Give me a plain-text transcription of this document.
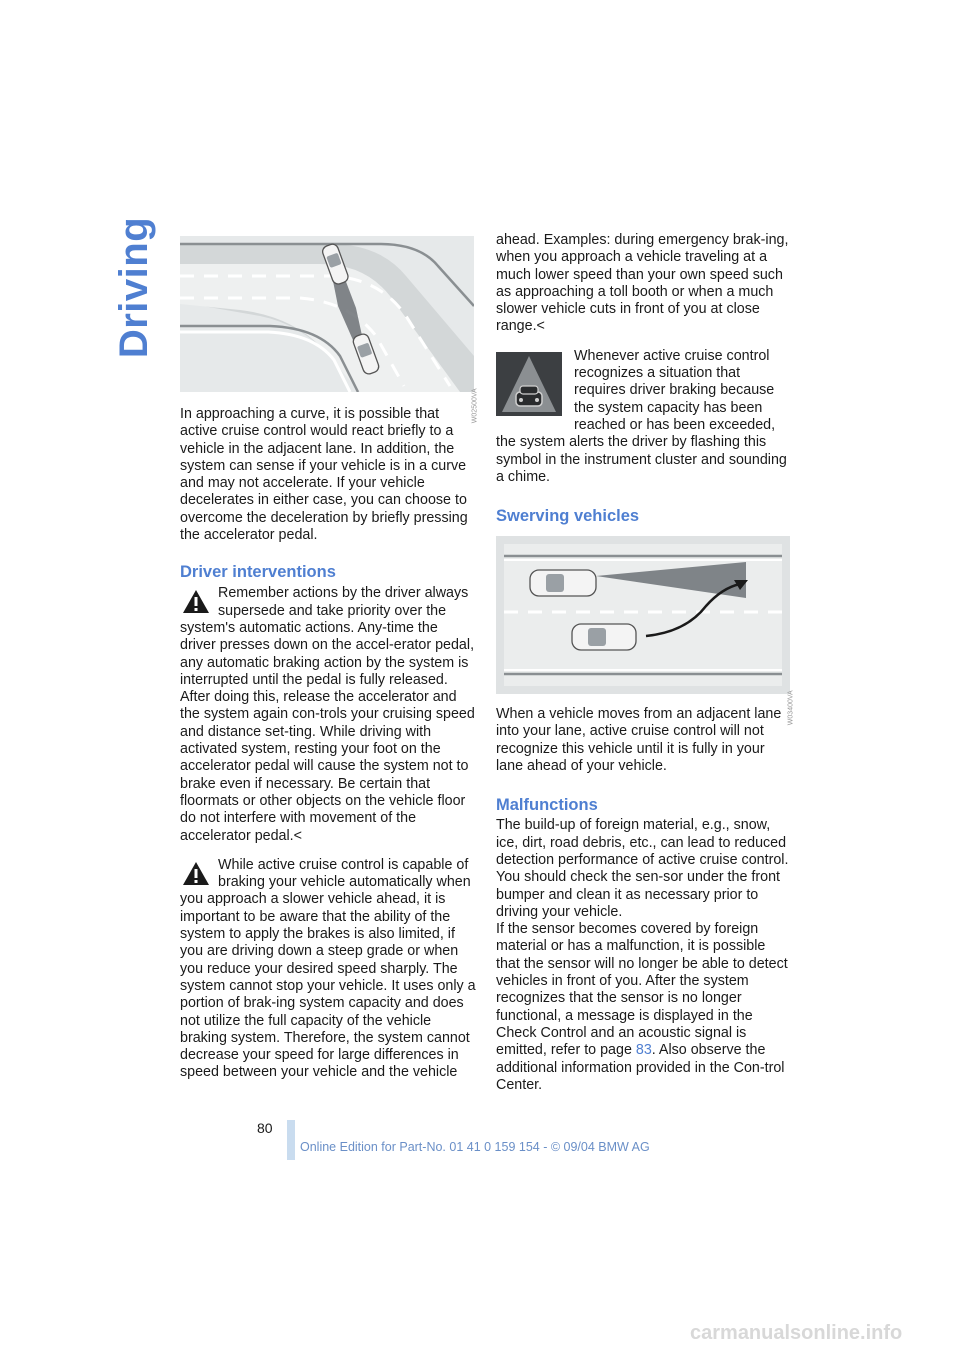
Driving
W02500VA

In approaching a curve, it is possible that active cruise control would react briefly to a vehicle in the adjacent lane. In addition, the system can sense if your vehicle is in a curve and may not accelerate. If your vehicle decelerates in either case, you can choose to overcome the deceleration by briefly pressing the accelerator pedal.

Driver interventions

Remember actions by the driver always supersede and take priority over the system's automatic actions. Any-time the driver presses down on the accel-erator pedal, any automatic braking action by the system is interrupted until the pedal is fully released. After doing this, release the accelerator and the system again con-trols your cruising speed and distance set-ting. While driving with activated system, resting your foot on the accelerator pedal will cause the system not to brake even if necessary. Be certain that floormats or other objects on the vehicle floor do not interfere with movement of the accelerator pedal.<

While active cruise control is capable of braking your vehicle automatically when you approach a slower vehicle ahead, it is important to be aware that the ability of the system to apply the brakes is also limited, if you are driving down a steep grade or when you reduce your desired speed sharply. The system cannot stop your vehicle. It uses only a portion of brak-ing system capacity and does not utilize the full capacity of the vehicle braking system. Therefore, the system cannot decrease your speed for large differences in speed between your vehicle and the vehicle

ahead. Examples: during emergency brak-ing, when you approach a vehicle traveling at a much lower speed than your own speed such as approaching a toll booth or when a much slower vehicle cuts in front of you at close range.<

Whenever active cruise control recognizes a situation that requires driver braking because the system capacity has been reached or has been exceeded, the system alerts the driver by flashing this symbol in the instrument cluster and sounding a chime.

Swerving vehicles
W03400VA

When a vehicle moves from an adjacent lane into your lane, active cruise control will not recognize this vehicle until it is fully in your lane ahead of your vehicle.

Malfunctions

The build-up of foreign material, e.g., snow, ice, dirt, road debris, etc., can lead to reduced detection performance of active cruise control. You should check the sen-sor under the front bumper and clean it as necessary prior to driving your vehicle.

If the sensor becomes covered by foreign material or has a malfunction, it is possible that the sensor will no longer be able to detect vehicles in front of you. After the system recognizes that the sensor is no longer functional, a message is displayed in the Check Control and an acoustic signal is emitted, refer to page 83. Also observe the additional information provided in the Con-trol Center.

80
Online Edition for Part-No. 01 41 0 159 154 - © 09/04 BMW AG
carmanualsonline.info
